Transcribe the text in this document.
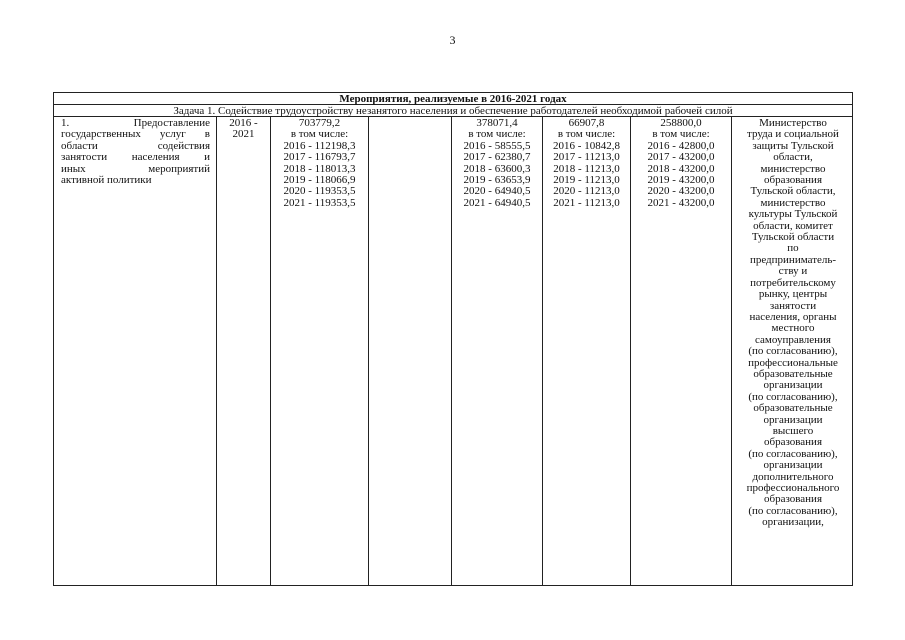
3
Мероприятия, реализуемые в 2016-2021 годах
Задача 1. Содействие трудоустройству незанятого населения и обеспечение работодателей необходимой рабочей силой
1. Предоставление
государственных услуг в
области содействия
занятости населения и
иных мероприятий
активной политики
2016 -
2021
703779,2
в том числе:
2016 - 112198,3
2017 - 116793,7
2018 - 118013,3
2019 - 118066,9
2020 - 119353,5
2021 - 119353,5
378071,4
в том числе:
2016 - 58555,5
2017 - 62380,7
2018 - 63600,3
2019 - 63653,9
2020 - 64940,5
2021 - 64940,5
66907,8
в том числе:
2016 - 10842,8
2017 - 11213,0
2018 - 11213,0
2019 - 11213,0
2020 - 11213,0
2021 - 11213,0
258800,0
в том числе:
2016 - 42800,0
2017 - 43200,0
2018 - 43200,0
2019 - 43200,0
2020 - 43200,0
2021 - 43200,0
Министерство
труда и социальной
защиты Тульской
области,
министерство
образования
Тульской области,
министерство
культуры Тульской
области, комитет
Тульской области
по
предприниматель-
ству и
потребительскому
рынку, центры
занятости
населения, органы
местного
самоуправления
(по согласованию),
профессиональные
образовательные
организации
(по согласованию),
образовательные
организации
высшего
образования
(по согласованию),
организации
дополнительного
профессионального
образования
(по согласованию),
организации,
